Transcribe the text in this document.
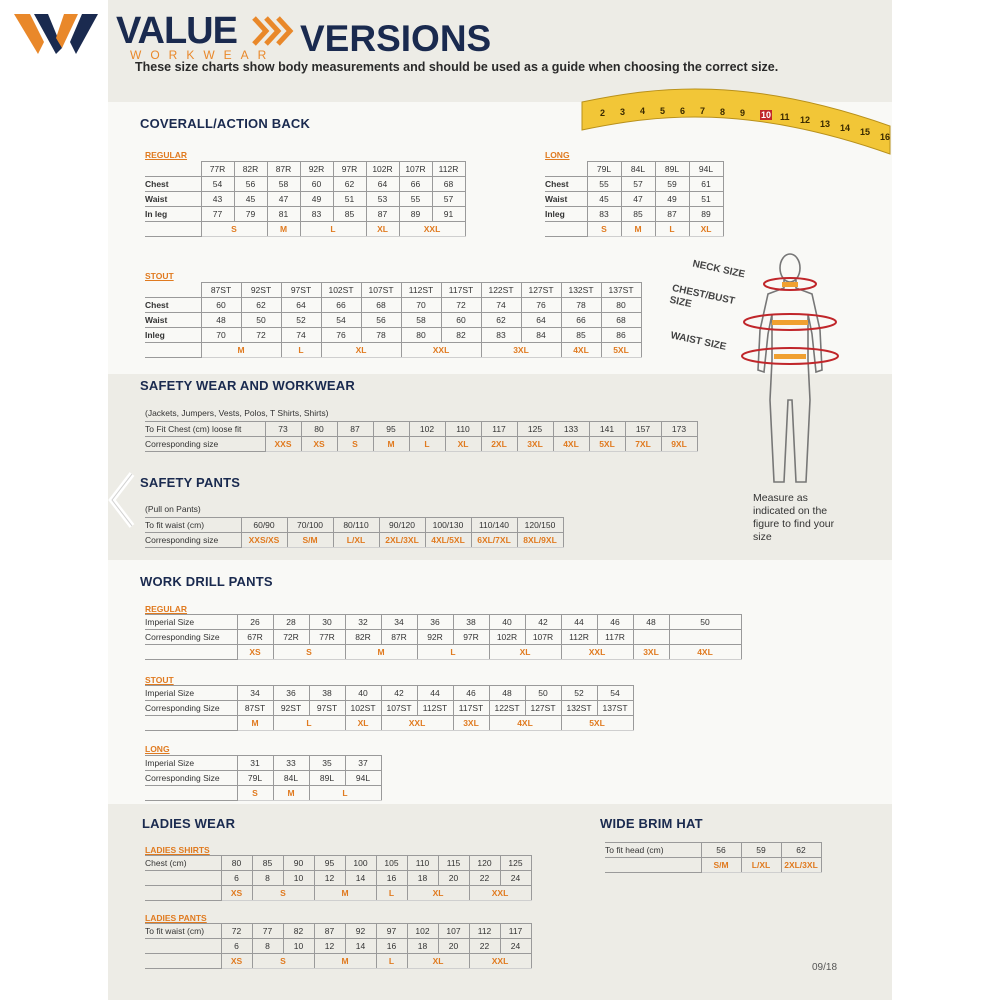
VALUE
WORKWEAR VERSIONS
These size charts show body measurements and should be used as a guide when choosing the correct size.
2 3 4 5 6 7 8 9 10 11 12 13 14 15 16
NECK SIZE
CHEST/BUST SIZE
WAIST SIZE
Measure as indicated on the figure to find your size
COVERALL/ACTION BACK
REGULAR
	77R	82R	87R	92R	97R	102R	107R	112R
Chest	54	56	58	60	62	64	66	68
Waist	43	45	47	49	51	53	55	57
In leg	77	79	81	83	85	87	89	91
	S		M	L		XL	XXL	
LONG
	79L	84L	89L	94L
Chest	55	57	59	61
Waist	45	47	49	51
Inleg	83	85	87	89
	S	M	L	XL
STOUT
	87ST	92ST	97ST	102ST	107ST	112ST	117ST	122ST	127ST	132ST	137ST
Chest	60	62	64	66	68	70	72	74	76	78	80
Waist	48	50	52	54	56	58	60	62	64	66	68
Inleg	70	72	74	76	78	80	82	83	84	85	86
	M		L	XL		XXL		3XL		4XL	5XL
SAFETY WEAR AND WORKWEAR
(Jackets, Jumpers, Vests, Polos, T Shirts, Shirts)
To Fit Chest (cm) loose fit	73	80	87	95	102	110	117	125	133	141	157	173
Corresponding size	XXS	XS	S	M	L	XL	2XL	3XL	4XL	5XL	7XL	9XL
SAFETY PANTS
(Pull on Pants)
To fit waist (cm)	60/90	70/100	80/110	90/120	100/130	110/140	120/150
Corresponding size	XXS/XS	S/M	L/XL	2XL/3XL	4XL/5XL	6XL/7XL	8XL/9XL
WORK DRILL PANTS
REGULAR
Imperial Size	26	28	30	32	34	36	38	40	42	44	46	48	50
Corresponding Size	67R	72R	77R	82R	87R	92R	97R	102R	107R	112R	117R		
	XS	S		M		L		XL		XXL		3XL	4XL
STOUT
Imperial Size	34	36	38	40	42	44	46	48	50	52	54
Corresponding Size	87ST	92ST	97ST	102ST	107ST	112ST	117ST	122ST	127ST	132ST	137ST
	M	L		XL	XXL		3XL	4XL		5XL	
LONG
Imperial Size	31	33	35	37
Corresponding Size	79L	84L	89L	94L
	S	M	L	
LADIES WEAR
LADIES SHIRTS
Chest (cm)	80	85	90	95	100	105	110	115	120	125
	6	8	10	12	14	16	18	20	22	24
	XS	S		M		L	XL		XXL	
LADIES PANTS
To fit waist (cm)	72	77	82	87	92	97	102	107	112	117
	6	8	10	12	14	16	18	20	22	24
	XS	S		M		L	XL		XXL	
WIDE BRIM HAT
To fit head (cm)	56	59	62
	S/M	L/XL	2XL/3XL
09/18
